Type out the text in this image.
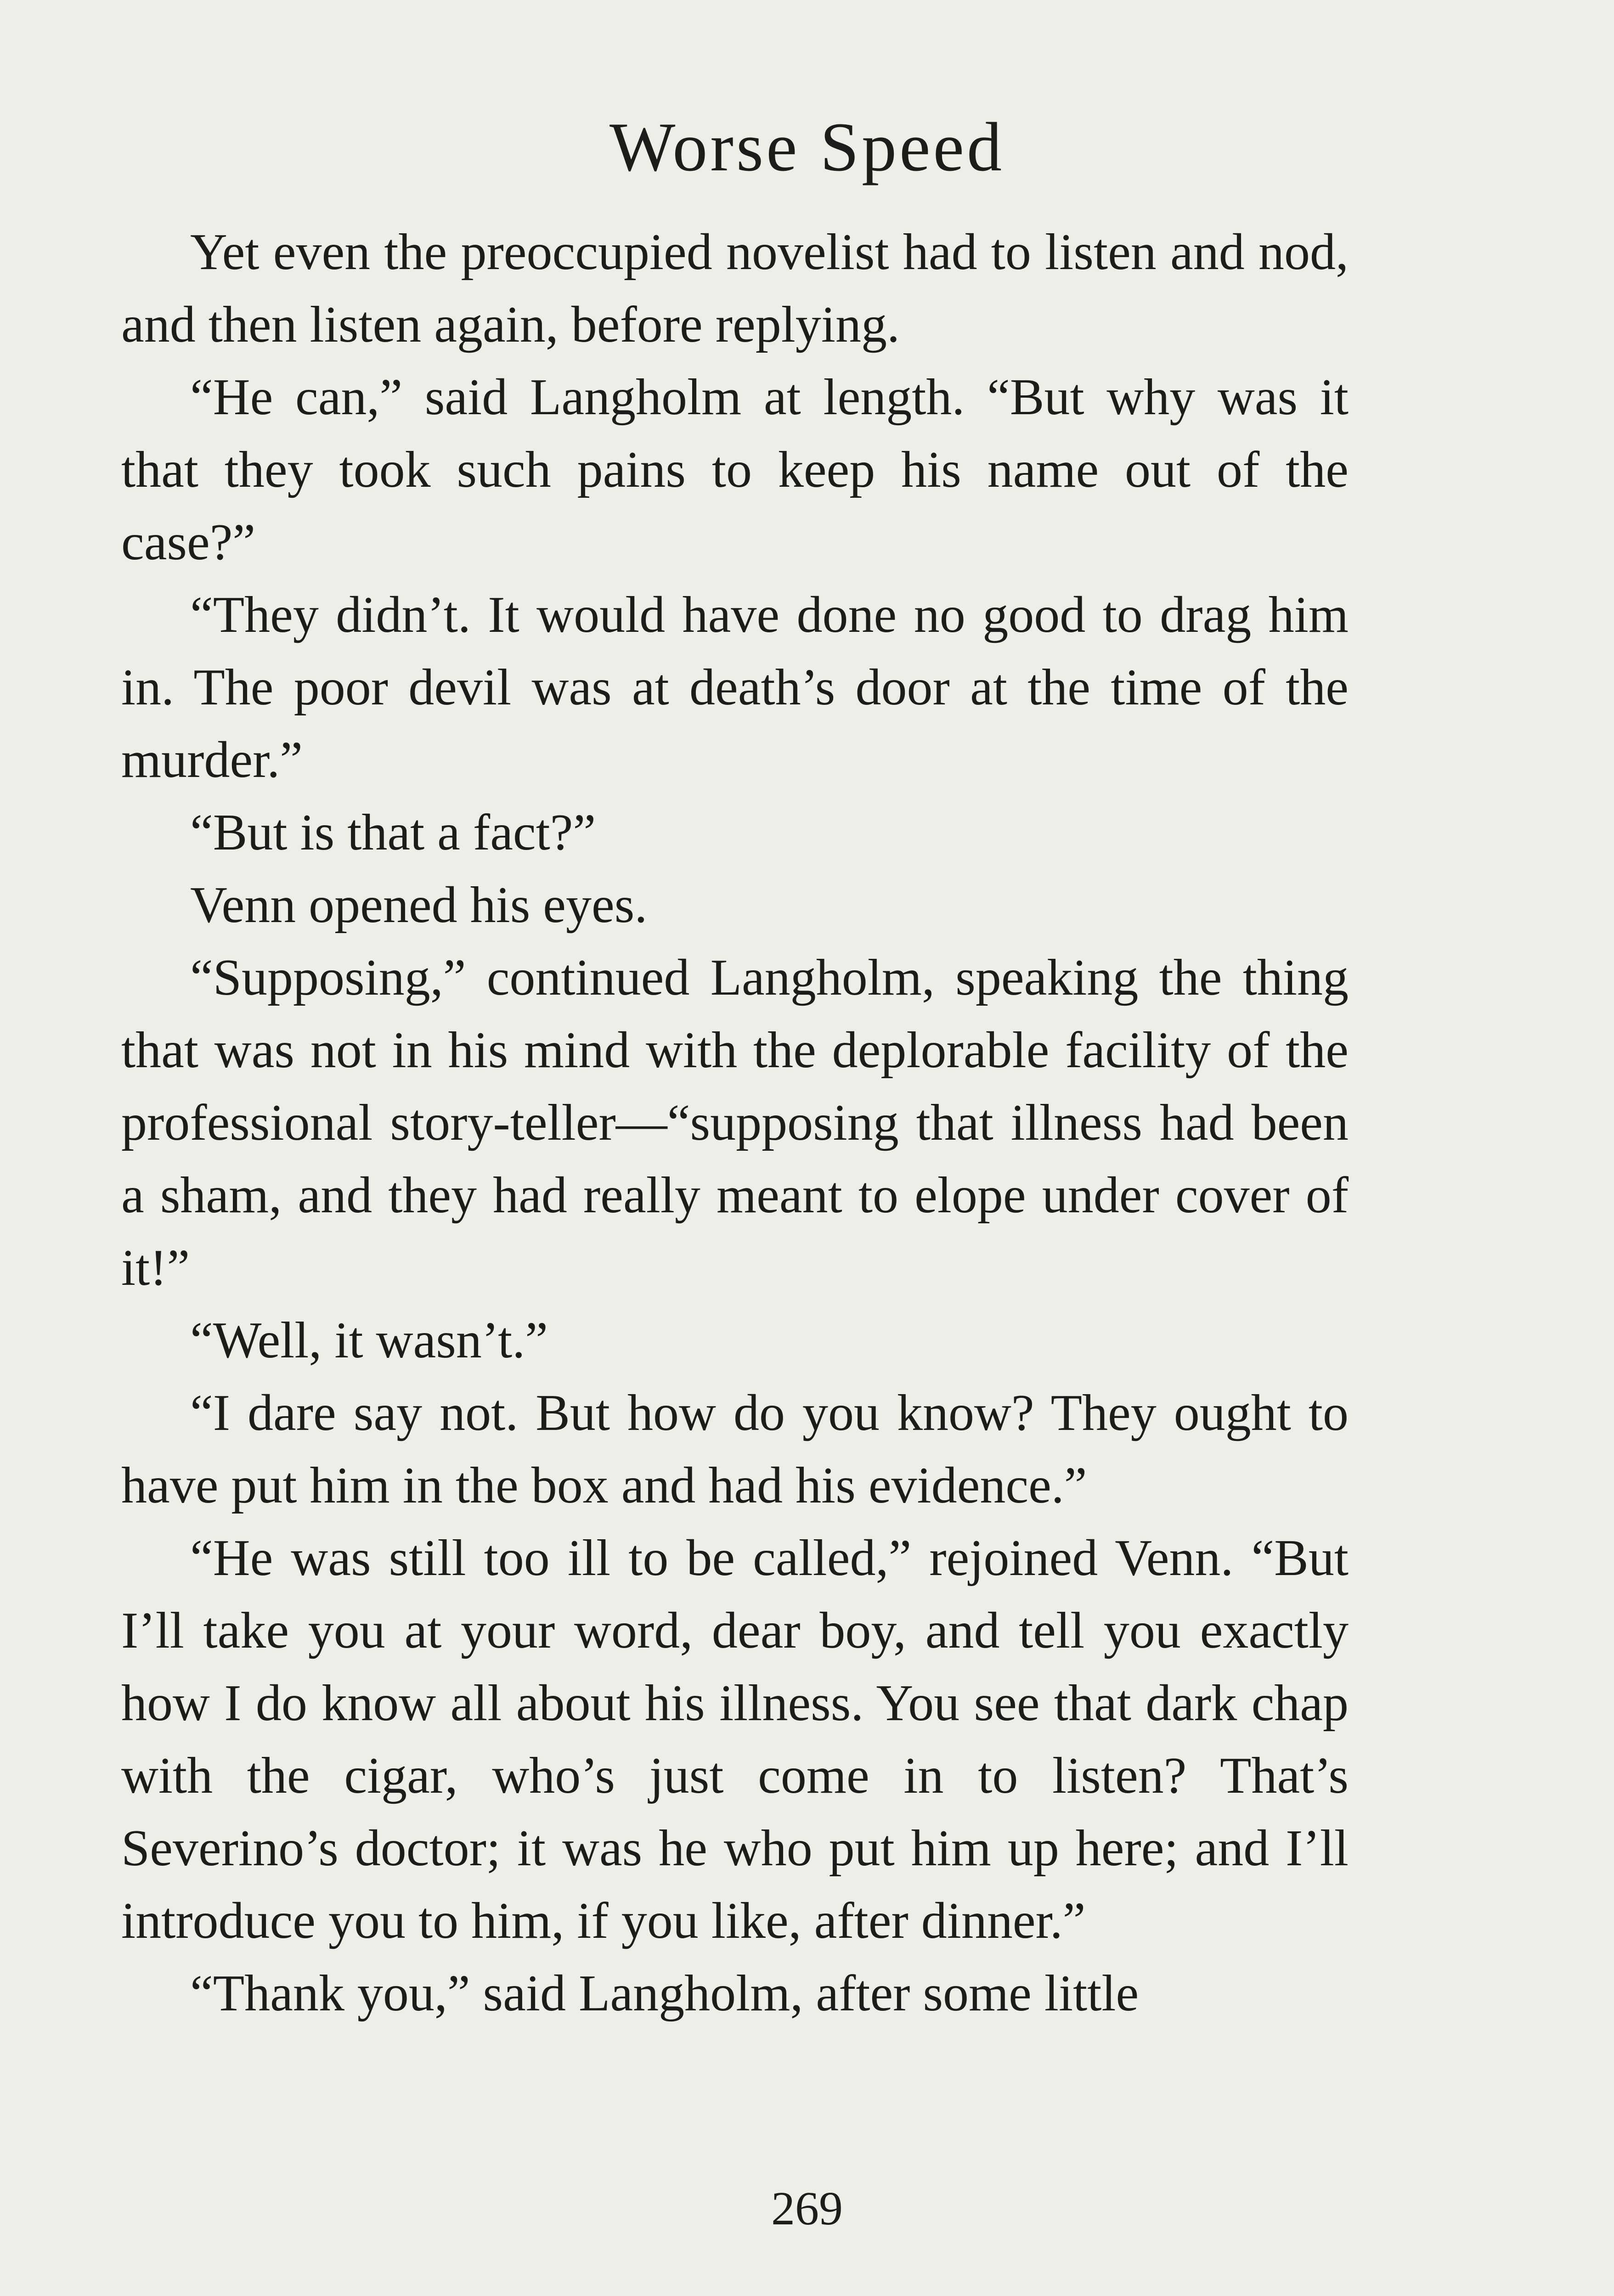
Worse Speed

Yet even the preoccupied novelist had to listen and nod, and then listen again, before replying.

“He can,” said Langholm at length. “But why was it that they took such pains to keep his name out of the case?”

“They didn’t. It would have done no good to drag him in. The poor devil was at death’s door at the time of the murder.”

“But is that a fact?”

Venn opened his eyes.

“Supposing,” continued Langholm, speaking the thing that was not in his mind with the deplorable facility of the professional story-teller—“supposing that illness had been a sham, and they had really meant to elope under cover of it!”

“Well, it wasn’t.”

“I dare say not. But how do you know? They ought to have put him in the box and had his evidence.”

“He was still too ill to be called,” rejoined Venn. “But I’ll take you at your word, dear boy, and tell you exactly how I do know all about his illness. You see that dark chap with the cigar, who’s just come in to listen? That’s Severino’s doctor; it was he who put him up here; and I’ll introduce you to him, if you like, after dinner.”

“Thank you,” said Langholm, after some little

269
